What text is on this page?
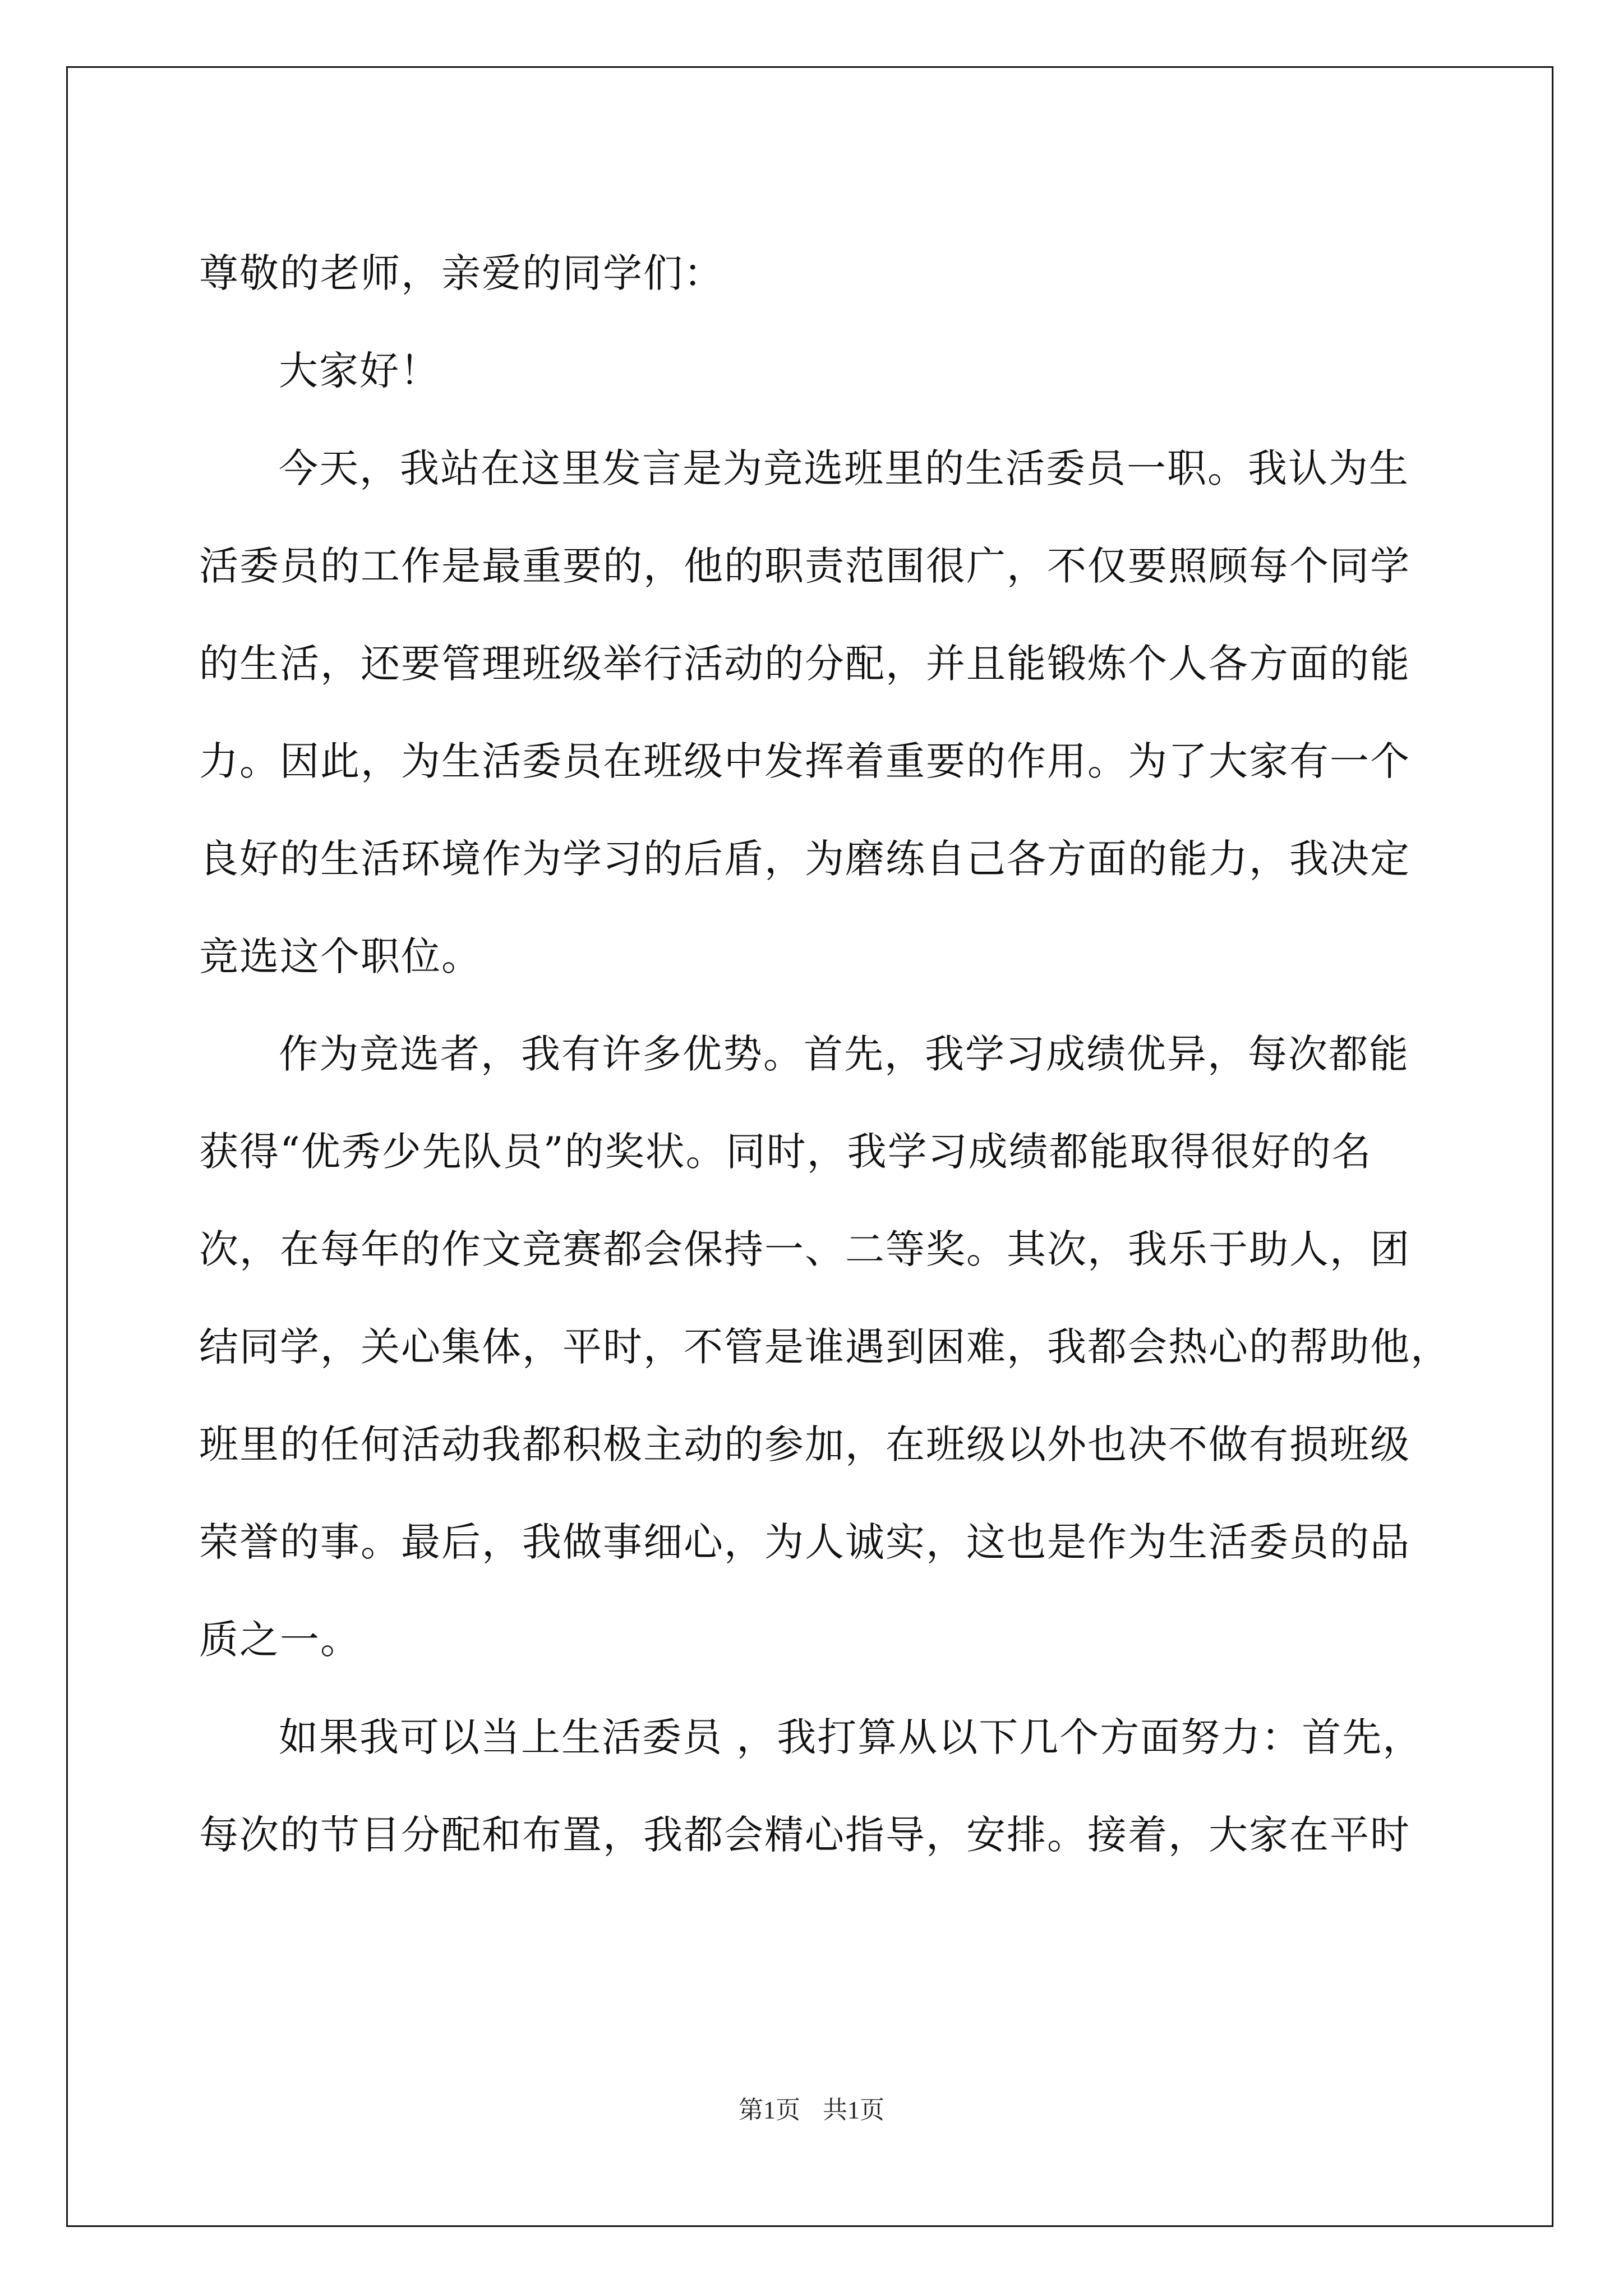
尊敬的老师，亲爱的同学们：
大家好！
今天，我站在这里发言是为竞选班里的生活委员一职。我认为生
活委员的工作是最重要的，他的职责范围很广，不仅要照顾每个同学
的生活，还要管理班级举行活动的分配，并且能锻炼个人各方面的能
力。因此，为生活委员在班级中发挥着重要的作用。为了大家有一个
良好的生活环境作为学习的后盾，为磨练自己各方面的能力，我决定
竞选这个职位。
作为竞选者，我有许多优势。首先，我学习成绩优异，每次都能
获得“优秀少先队员”的奖状。同时，我学习成绩都能取得很好的名
次，在每年的作文竞赛都会保持一、二等奖。其次，我乐于助人，团
结同学，关心集体，平时，不管是谁遇到困难，我都会热心的帮助他，
班里的任何活动我都积极主动的参加，在班级以外也决不做有损班级
荣誉的事。最后，我做事细心，为人诚实，这也是作为生活委员的品
质之一。
如果我可以当上生活委员 ，我打算从以下几个方面努力：首先，
每次的节目分配和布置，我都会精心指导，安排。接着，大家在平时
第1页 共1页
